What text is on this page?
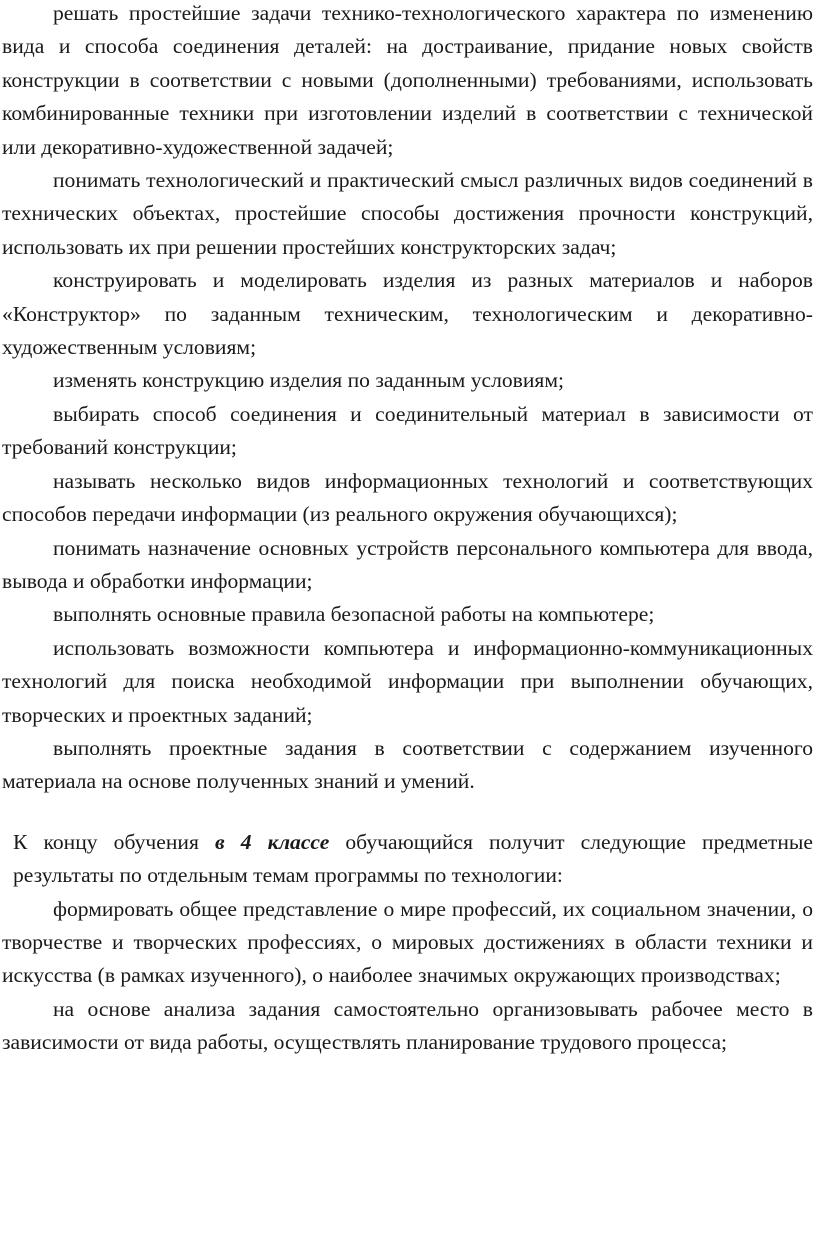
решать простейшие задачи технико-технологического характера по изменению вида и способа соединения деталей: на достраивание, придание новых свойств конструкции в соответствии с новыми (дополненными) требованиями, использовать комбинированные техники при изготовлении изделий в соответствии с технической или декоративно-художественной задачей;

понимать технологический и практический смысл различных видов соединений в технических объектах, простейшие способы достижения прочности конструкций, использовать их при решении простейших конструкторских задач;

конструировать и моделировать изделия из разных материалов и наборов «Конструктор» по заданным техническим, технологическим и декоративно-художественным условиям;

изменять конструкцию изделия по заданным условиям;

выбирать способ соединения и соединительный материал в зависимости от требований конструкции;

называть несколько видов информационных технологий и соответствующих способов передачи информации (из реального окружения обучающихся);

понимать назначение основных устройств персонального компьютера для ввода, вывода и обработки информации;

выполнять основные правила безопасной работы на компьютере;

использовать возможности компьютера и информационно-коммуникационных технологий для поиска необходимой информации при выполнении обучающих, творческих и проектных заданий;

выполнять проектные задания в соответствии с содержанием изученного материала на основе полученных знаний и умений.

К концу обучения в 4 классе обучающийся получит следующие предметные результаты по отдельным темам программы по технологии:

формировать общее представление о мире профессий, их социальном значении, о творчестве и творческих профессиях, о мировых достижениях в области техники и искусства (в рамках изученного), о наиболее значимых окружающих производствах;

на основе анализа задания самостоятельно организовывать рабочее место в зависимости от вида работы, осуществлять планирование трудового процесса;
